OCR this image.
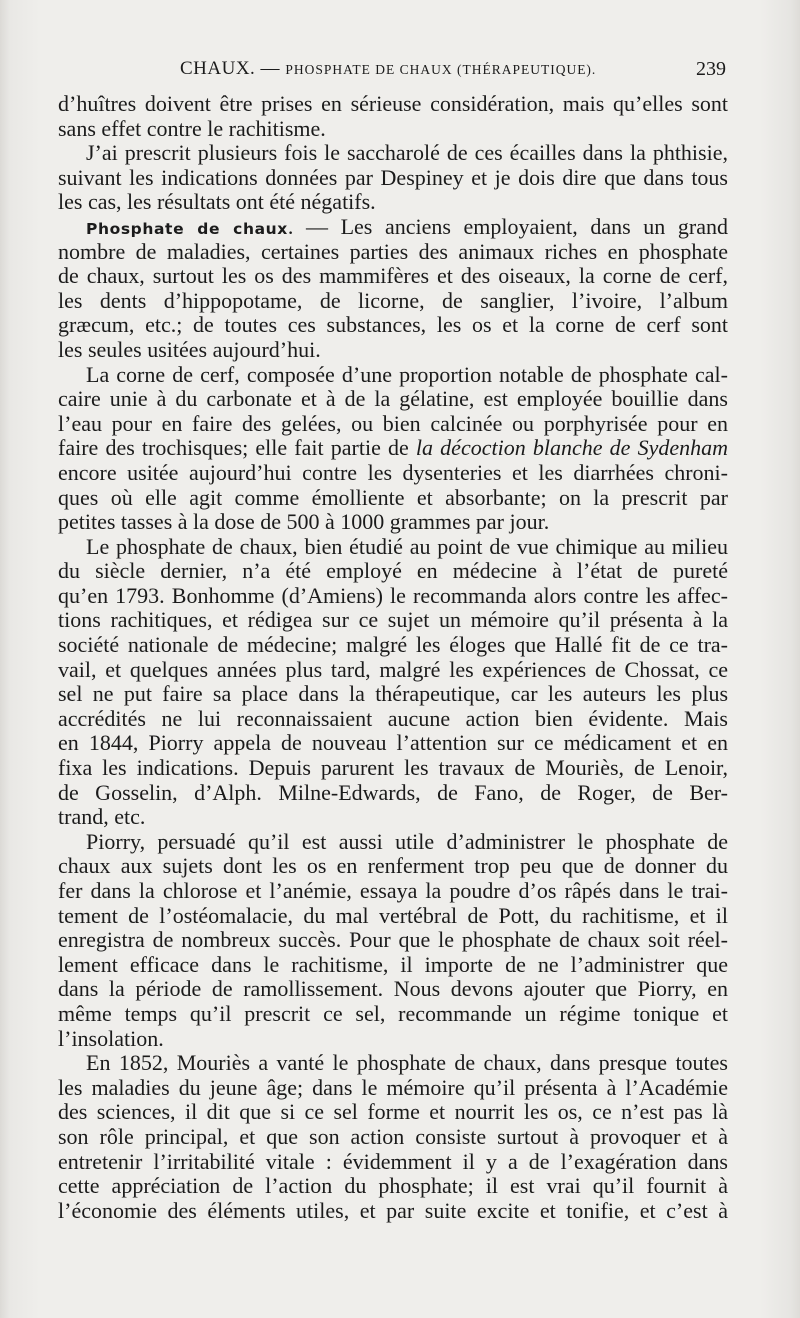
CHAUX. — PHOSPHATE DE CHAUX (THÉRAPEUTIQUE).	239
d’huîtres doivent être prises en sérieuse considération, mais qu’elles sont
sans effet contre le rachitisme.
J’ai prescrit plusieurs fois le saccharolé de ces écailles dans la phthisie,
suivant les indications données par Despiney et je dois dire que dans tous
les cas, les résultats ont été négatifs.
Phosphate de chaux. — Les anciens employaient, dans un grand
nombre de maladies, certaines parties des animaux riches en phosphate
de chaux, surtout les os des mammifères et des oiseaux, la corne de cerf,
les dents d’hippopotame, de licorne, de sanglier, l’ivoire, l’album
græcum, etc.; de toutes ces substances, les os et la corne de cerf sont
les seules usitées aujourd’hui.
La corne de cerf, composée d’une proportion notable de phosphate cal-
caire unie à du carbonate et à de la gélatine, est employée bouillie dans
l’eau pour en faire des gelées, ou bien calcinée ou porphyrisée pour en
faire des trochisques; elle fait partie de la décoction blanche de Sydenham
encore usitée aujourd’hui contre les dysenteries et les diarrhées chroni-
ques où elle agit comme émolliente et absorbante; on la prescrit par
petites tasses à la dose de 500 à 1000 grammes par jour.
Le phosphate de chaux, bien étudié au point de vue chimique au milieu
du siècle dernier, n’a été employé en médecine à l’état de pureté
qu’en 1793. Bonhomme (d’Amiens) le recommanda alors contre les affec-
tions rachitiques, et rédigea sur ce sujet un mémoire qu’il présenta à la
société nationale de médecine; malgré les éloges que Hallé fit de ce tra-
vail, et quelques années plus tard, malgré les expériences de Chossat, ce
sel ne put faire sa place dans la thérapeutique, car les auteurs les plus
accrédités ne lui reconnaissaient aucune action bien évidente. Mais
en 1844, Piorry appela de nouveau l’attention sur ce médicament et en
fixa les indications. Depuis parurent les travaux de Mouriès, de Lenoir,
de Gosselin, d’Alph. Milne-Edwards, de Fano, de Roger, de Ber-
trand, etc.
Piorry, persuadé qu’il est aussi utile d’administrer le phosphate de
chaux aux sujets dont les os en renferment trop peu que de donner du
fer dans la chlorose et l’anémie, essaya la poudre d’os râpés dans le trai-
tement de l’ostéomalacie, du mal vertébral de Pott, du rachitisme, et il
enregistra de nombreux succès. Pour que le phosphate de chaux soit réel-
lement efficace dans le rachitisme, il importe de ne l’administrer que
dans la période de ramollissement. Nous devons ajouter que Piorry, en
même temps qu’il prescrit ce sel, recommande un régime tonique et
l’insolation.
En 1852, Mouriès a vanté le phosphate de chaux, dans presque toutes
les maladies du jeune âge; dans le mémoire qu’il présenta à l’Académie
des sciences, il dit que si ce sel forme et nourrit les os, ce n’est pas là
son rôle principal, et que son action consiste surtout à provoquer et à
entretenir l’irritabilité vitale : évidemment il y a de l’exagération dans
cette appréciation de l’action du phosphate; il est vrai qu’il fournit à
l’économie des éléments utiles, et par suite excite et tonifie, et c’est à
